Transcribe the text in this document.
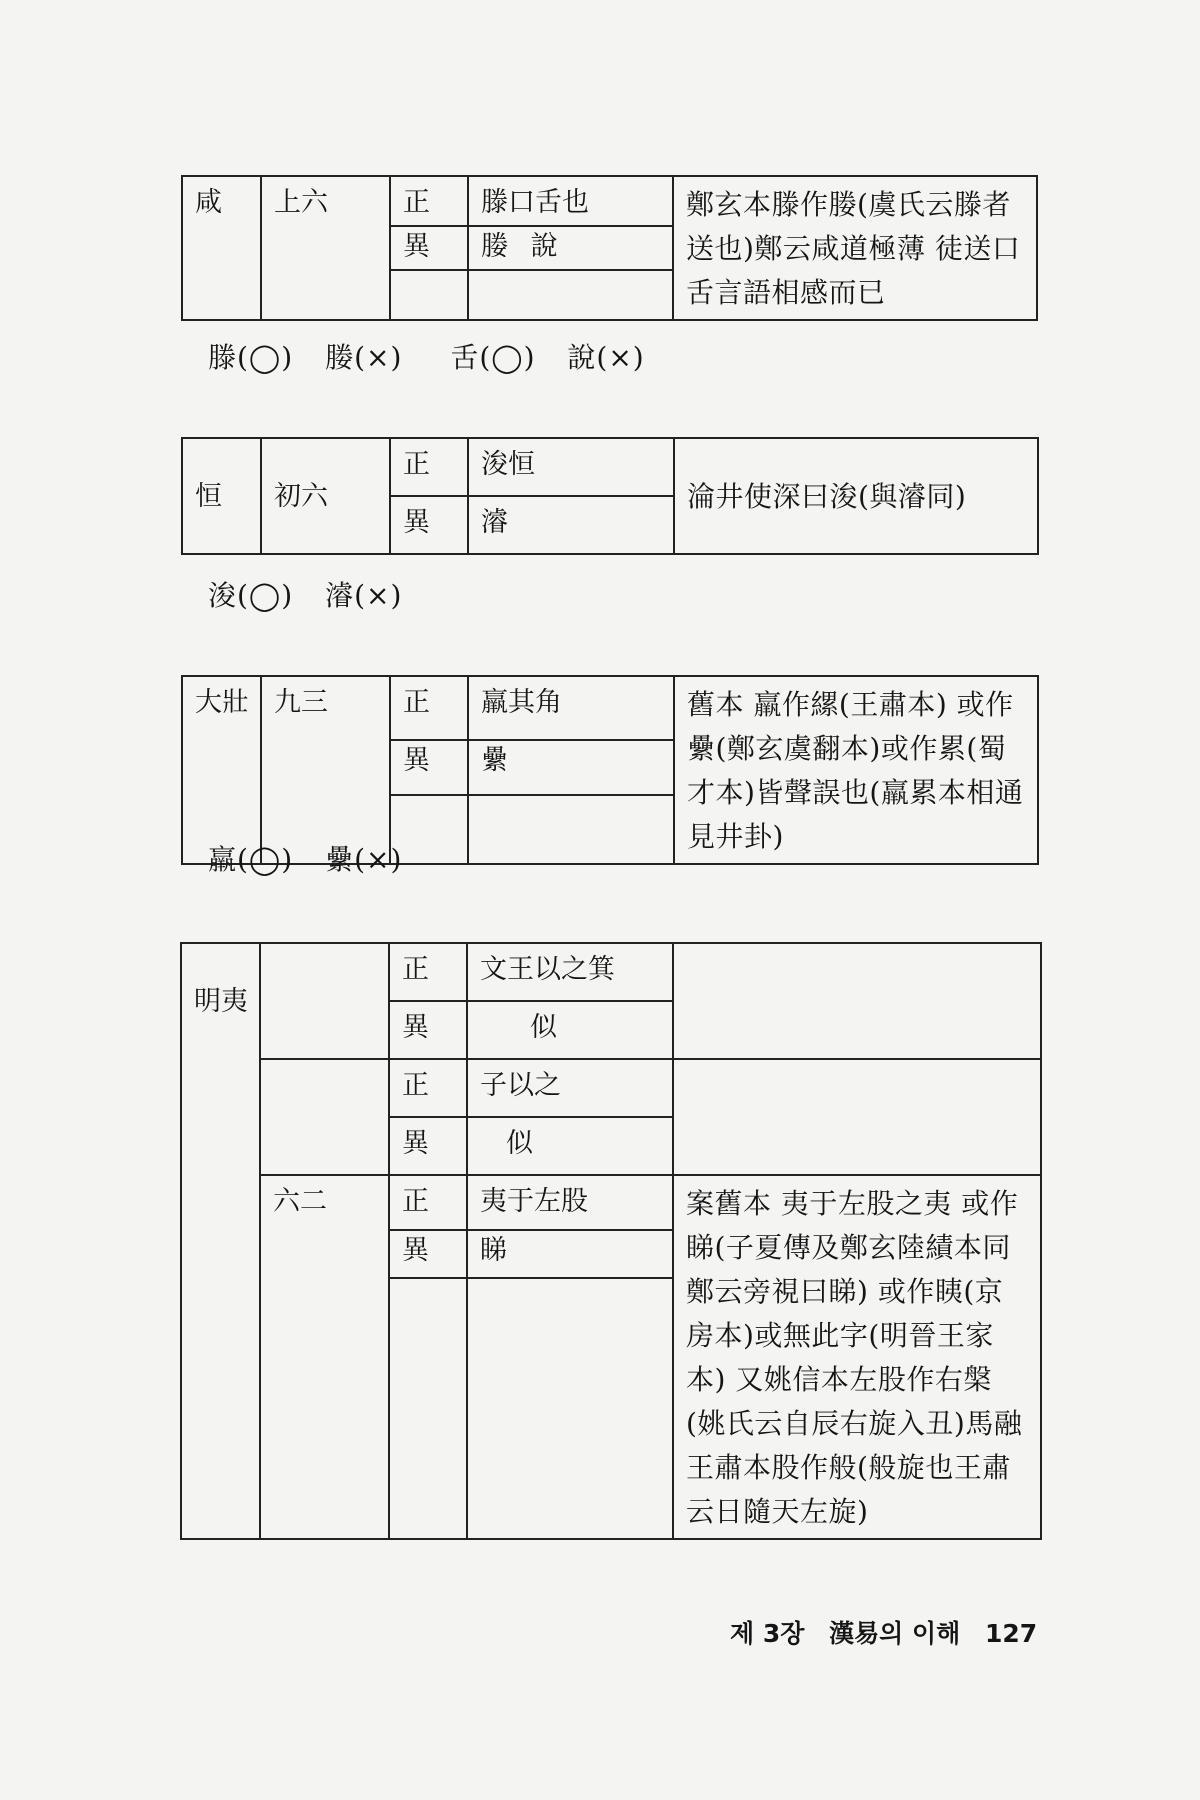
咸	上六	正	滕口舌也	鄭玄本滕作媵(虞氏云滕者送也)鄭云咸道極薄 徒送口舌言語相感而已

		異	媵 說	

滕(◯) 媵(×) 舌(◯) 說(×)
恒	初六	正	浚恒	淪井使深曰浚(與濬同)

		異	濬	
浚(◯) 濬(×)
大壯	九三	正	羸其角	舊本 羸作縲(王肅本) 或作纍(鄭玄虞翻本)或作累(蜀才本)皆聲誤也(羸累本相通見井卦)

		異	纍	

羸(◯) 纍(×)
明夷		正	文王以之箕	

		異	似	

		正	子以之	

		異	似	

	六二	正	夷于左股	案舊本 夷于左股之夷 或作睇(子夏傳及鄭玄陸績本同鄭云旁視曰睇) 或作眱(京房本)或無此字(明晉王家本) 又姚信本左股作右槃(姚氏云自辰右旋入丑)馬融王肅本股作般(般旋也王肅云日隨天左旋)

		異	睇	

제 3장 漢易의 이해 127
